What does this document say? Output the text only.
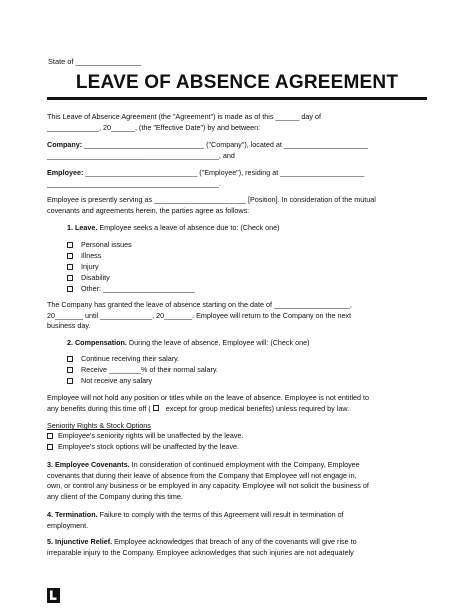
State of ________________
LEAVE OF ABSENCE AGREEMENT
This Leave of Absence Agreement (the "Agreement") is made as of this ______ day of
_____________, 20______, (the "Effective Date") by and between:
Company: ______________________________ ("Company"), located at _____________________
___________________________________________, and
Employee: ____________________________ ("Employee"), residing at _____________________
___________________________________________.
Employee is presently serving as _______________________ [Position]. In consideration of the mutual
covenants and agreements herein, the parties agree as follows:
1. Leave. Employee seeks a leave of absence due to: (Check one)
Personal issues
Illness
Injury
Disability
Other: _______________________
The Company has granted the leave of absence starting on the date of ___________________,
20_______ until _____________, 20_______. Employee will return to the Company on the next
business day.
2. Compensation. During the leave of absence, Employee will: (Check one)
Continue receiving their salary.
Receive ________% of their normal salary.
Not receive any salary
Employee will not hold any position or titles while on the leave of absence. Employee is not entitled to
any benefits during this time off ( except for group medical benefits) unless required by law.
Seniority Rights & Stock Options
Employee's seniority rights will be unaffected by the leave.
Employee's stock options will be unaffected by the leave.
3. Employee Covenants. In consideration of continued employment with the Company, Employee
covenants that during their leave of absence from the Company that Employee will not engage in,
own, or control any business or be employed in any capacity. Employee will not solicit the business of
any client of the Company during this time.
4. Termination. Failure to comply with the terms of this Agreement will result in termination of
employment.
5. Injunctive Relief. Employee acknowledges that breach of any of the covenants will give rise to
irreparable injury to the Company. Employee acknowledges that such injuries are not adequately
